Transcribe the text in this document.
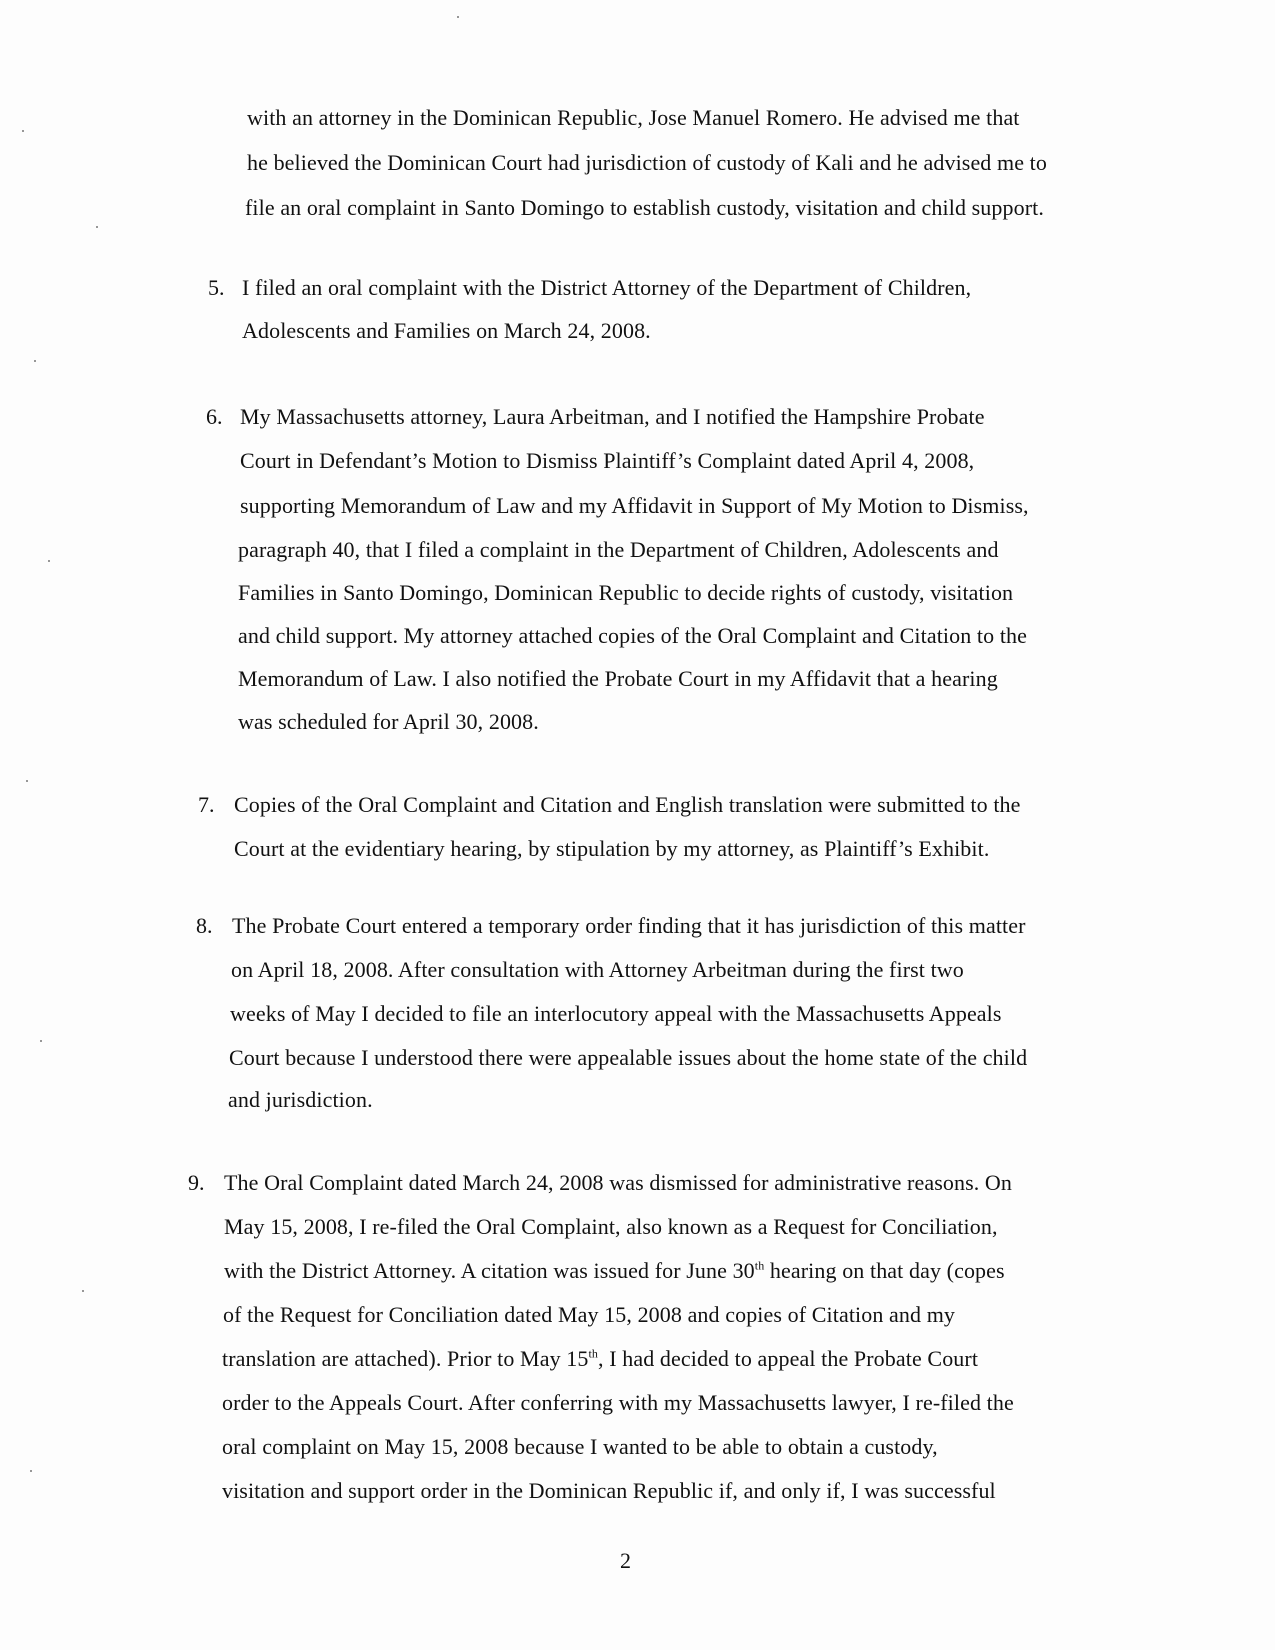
with an attorney in the Dominican Republic, Jose Manuel Romero. He advised me that
he believed the Dominican Court had jurisdiction of custody of Kali and he advised me to
file an oral complaint in Santo Domingo to establish custody, visitation and child support.
5. I filed an oral complaint with the District Attorney of the Department of Children,
Adolescents and Families on March 24, 2008.
6. My Massachusetts attorney, Laura Arbeitman, and I notified the Hampshire Probate
Court in Defendant’s Motion to Dismiss Plaintiff’s Complaint dated April 4, 2008,
supporting Memorandum of Law and my Affidavit in Support of My Motion to Dismiss,
paragraph 40, that I filed a complaint in the Department of Children, Adolescents and
Families in Santo Domingo, Dominican Republic to decide rights of custody, visitation
and child support. My attorney attached copies of the Oral Complaint and Citation to the
Memorandum of Law. I also notified the Probate Court in my Affidavit that a hearing
was scheduled for April 30, 2008.
7. Copies of the Oral Complaint and Citation and English translation were submitted to the
Court at the evidentiary hearing, by stipulation by my attorney, as Plaintiff’s Exhibit.
8. The Probate Court entered a temporary order finding that it has jurisdiction of this matter
on April 18, 2008. After consultation with Attorney Arbeitman during the first two
weeks of May I decided to file an interlocutory appeal with the Massachusetts Appeals
Court because I understood there were appealable issues about the home state of the child
and jurisdiction.
9. The Oral Complaint dated March 24, 2008 was dismissed for administrative reasons. On
May 15, 2008, I re-filed the Oral Complaint, also known as a Request for Conciliation,
with the District Attorney. A citation was issued for June 30th hearing on that day (copes
of the Request for Conciliation dated May 15, 2008 and copies of Citation and my
translation are attached). Prior to May 15th, I had decided to appeal the Probate Court
order to the Appeals Court. After conferring with my Massachusetts lawyer, I re-filed the
oral complaint on May 15, 2008 because I wanted to be able to obtain a custody,
visitation and support order in the Dominican Republic if, and only if, I was successful
2
